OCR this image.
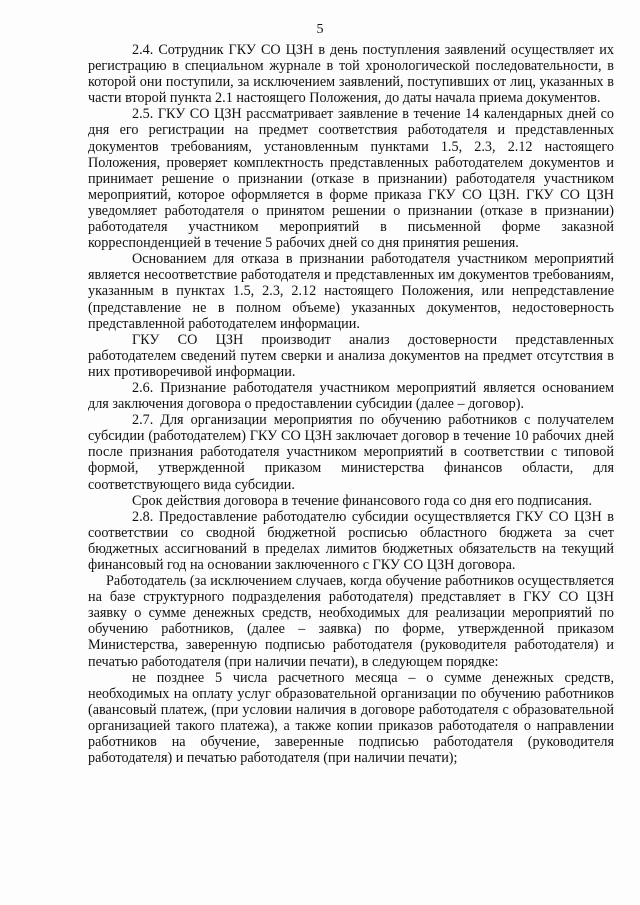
5

2.4. Сотрудник ГКУ СО ЦЗН в день поступления заявлений осуществляет их регистрацию в специальном журнале в той хронологической последовательности, в которой они поступили, за исключением заявлений, поступивших от лиц, указанных в части второй пункта 2.1 настоящего Положения, до даты начала приема документов.

2.5. ГКУ СО ЦЗН рассматривает заявление в течение 14 календарных дней со дня его регистрации на предмет соответствия работодателя и представленных документов требованиям, установленным пунктами 1.5, 2.3, 2.12 настоящего Положения, проверяет комплектность представленных работодателем документов и принимает решение о признании (отказе в признании) работодателя участником мероприятий, которое оформляется в форме приказа ГКУ СО ЦЗН. ГКУ СО ЦЗН уведомляет работодателя о принятом решении о признании (отказе в признании) работодателя участником мероприятий в письменной форме заказной корреспонденцией в течение 5 рабочих дней со дня принятия решения.

Основанием для отказа в признании работодателя участником мероприятий является несоответствие работодателя и представленных им документов требованиям, указанным в пунктах 1.5, 2.3, 2.12 настоящего Положения, или непредставление (представление не в полном объеме) указанных документов, недостоверность представленной работодателем информации.

ГКУ СО ЦЗН производит анализ достоверности представленных работодателем сведений путем сверки и анализа документов на предмет отсутствия в них противоречивой информации.

2.6. Признание работодателя участником мероприятий является основанием для заключения договора о предоставлении субсидии (далее – договор).

2.7. Для организации мероприятия по обучению работников с получателем субсидии (работодателем) ГКУ СО ЦЗН заключает договор в течение 10 рабочих дней после признания работодателя участником мероприятий в соответствии с типовой формой, утвержденной приказом министерства финансов области, для соответствующего вида субсидии.

Срок действия договора в течение финансового года со дня его подписания.

2.8. Предоставление работодателю субсидии осуществляется ГКУ СО ЦЗН в соответствии со сводной бюджетной росписью областного бюджета за счет бюджетных ассигнований в пределах лимитов бюджетных обязательств на текущий финансовый год на основании заключенного с ГКУ СО ЦЗН договора.

Работодатель (за исключением случаев, когда обучение работников осуществляется на базе структурного подразделения работодателя) представляет в ГКУ СО ЦЗН заявку о сумме денежных средств, необходимых для реализации мероприятий по обучению работников, (далее – заявка) по форме, утвержденной приказом Министерства, заверенную подписью работодателя (руководителя работодателя) и печатью работодателя (при наличии печати), в следующем порядке:

не позднее 5 числа расчетного месяца – о сумме денежных средств, необходимых на оплату услуг образовательной организации по обучению работников (авансовый платеж, (при условии наличия в договоре работодателя с образовательной организацией такого платежа), а также копии приказов работодателя о направлении работников на обучение, заверенные подписью работодателя (руководителя работодателя) и печатью работодателя (при наличии печати);
